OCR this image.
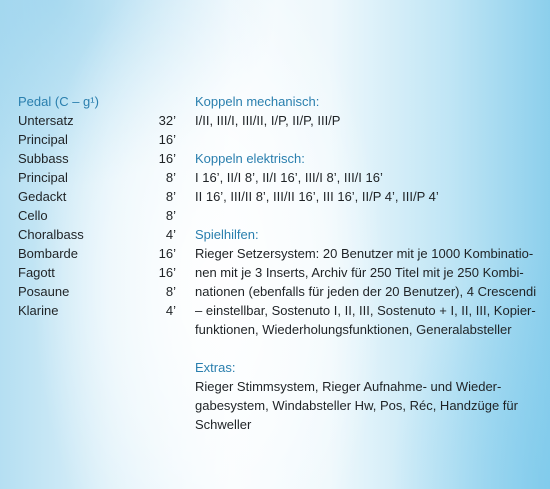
Pedal (C – g¹)
Untersatz	32’
Principal	16’
Subbass	16’
Principal	8’
Gedackt	8’
Cello	8’
Choralbass	4’
Bombarde	16’
Fagott	16’
Posaune	8’
Klarine	4’
Koppeln mechanisch:
I/II, III/I, III/II, I/P, II/P, III/P
Koppeln elektrisch:
I 16’, II/I 8’, II/I 16’, III/I 8’, III/I 16’
II 16’, III/II 8’, III/II 16’, III 16’, II/P 4’, III/P 4’
Spielhilfen:
Rieger Setzersystem: 20 Benutzer mit je 1000 Kombinatio-
nen mit je 3 Inserts, Archiv für 250 Titel mit je 250 Kombi-
nationen (ebenfalls für jeden der 20 Benutzer), 4 Crescendi
– einstellbar, Sostenuto I, II, III, Sostenuto + I, II, III, Kopier-
funktionen, Wiederholungsfunktionen, Generalabsteller
Extras:
Rieger Stimmsystem, Rieger Aufnahme- und Wieder-
gabesystem, Windabsteller Hw, Pos, Réc, Handzüge für
Schweller
